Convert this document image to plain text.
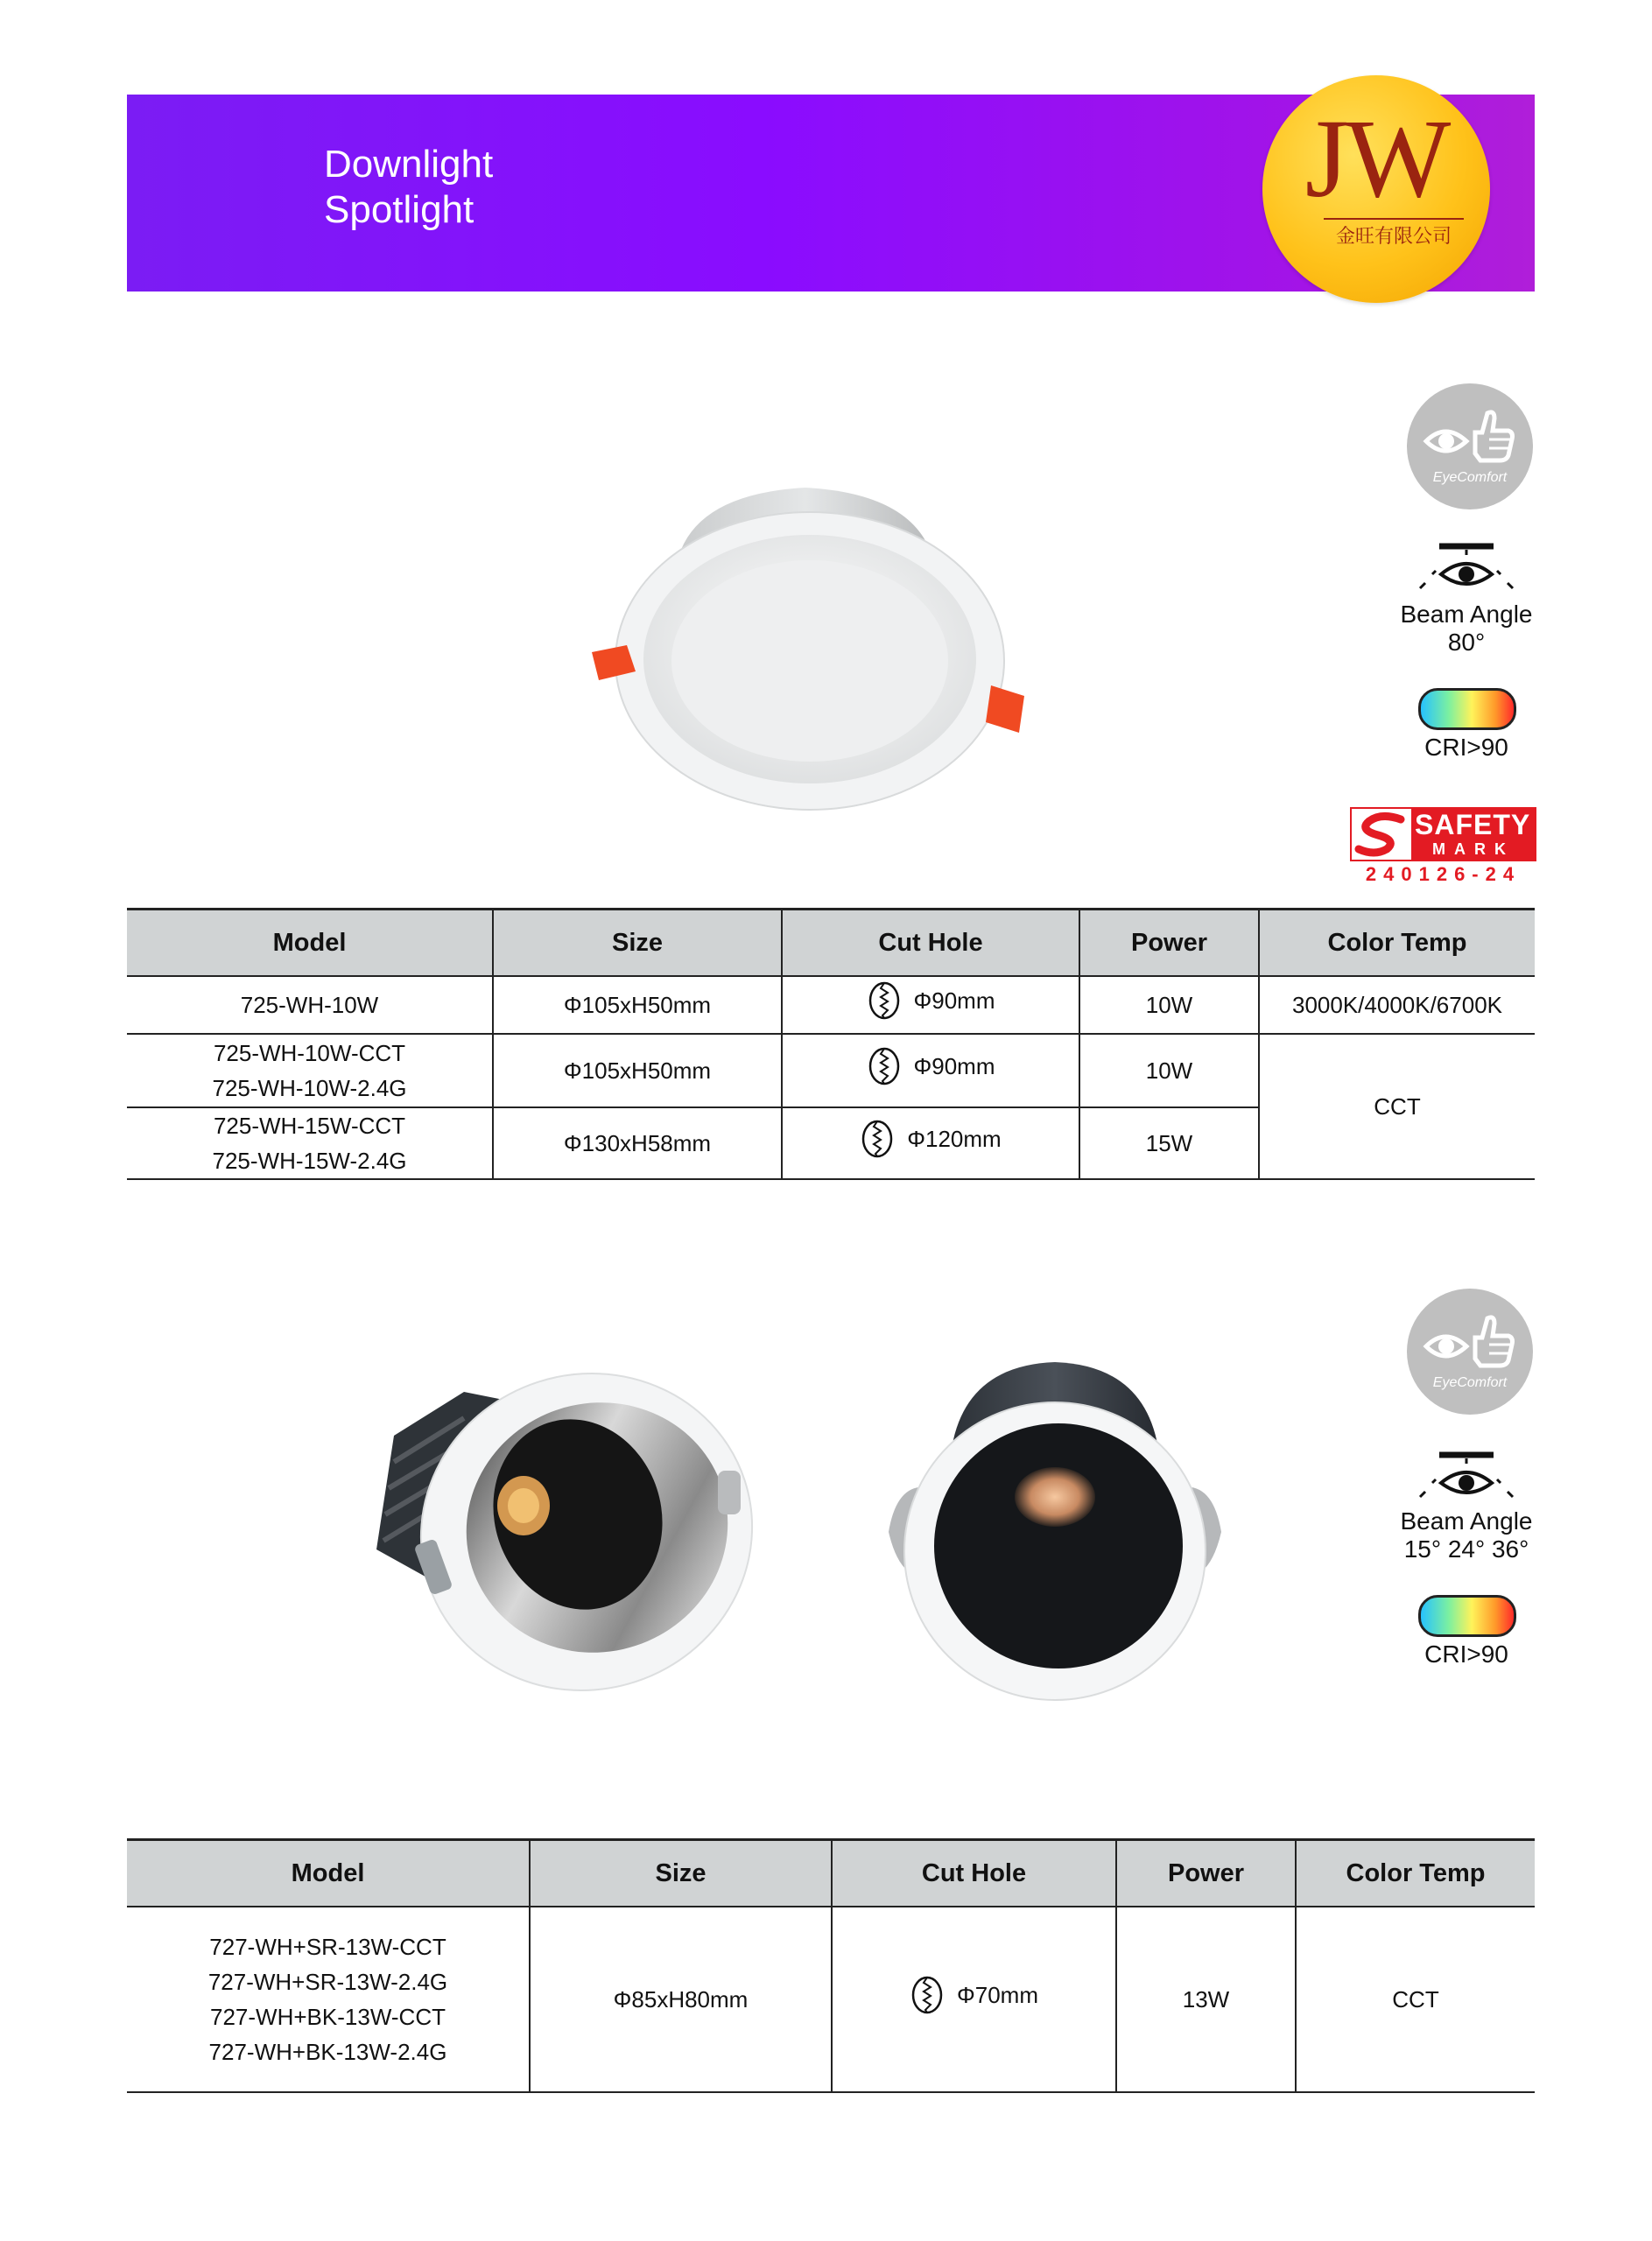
Downlight
Spotlight	JW
金旺有限公司
EyeComfort
Beam Angle
80°
CRI>90
SAFETY
MARK
240126-24
Model	Size	Cut Hole	Power	Color Temp

725-WH-10W	Φ105xH50mm	Φ90mm	10W	3000K/4000K/6700K

725-WH-10W-CCT
725-WH-10W-2.4G	Φ105xH50mm	Φ90mm	10W	CCT

725-WH-15W-CCT
725-WH-15W-2.4G	Φ130xH58mm	Φ120mm	15W	
EyeComfort
Beam Angle
15° 24° 36°
CRI>90
Model	Size	Cut Hole	Power	Color Temp

727-WH+SR-13W-CCT
727-WH+SR-13W-2.4G
727-WH+BK-13W-CCT
727-WH+BK-13W-2.4G	Φ85xH80mm	Φ70mm	13W	CCT
